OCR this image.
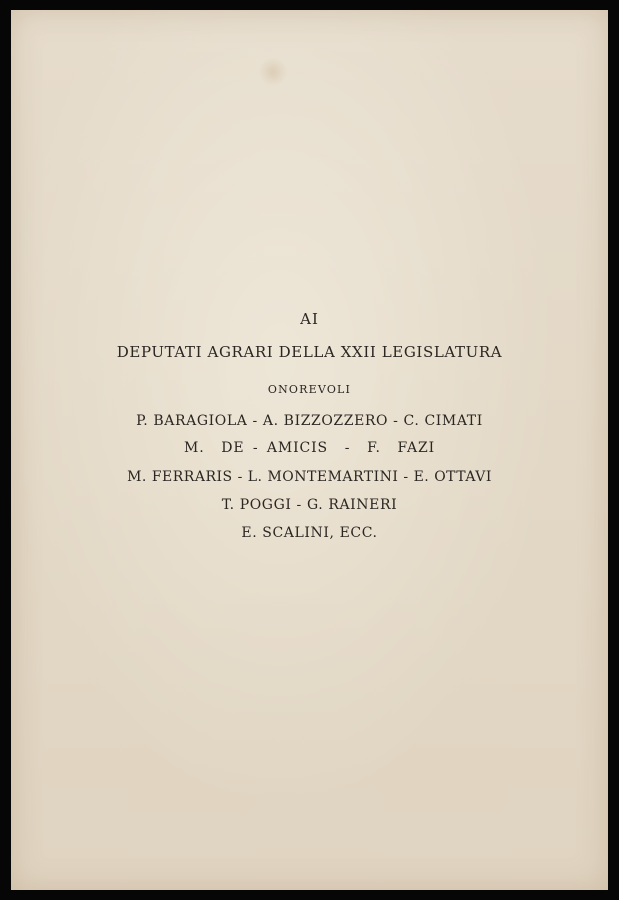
AI
DEPUTATI AGRARI DELLA XXII LEGISLATURA
ONOREVOLI
P. BARAGIOLA - A. BIZZOZZERO - C. CIMATI
M.  DE - AMICIS  -  F.  FAZI
M. FERRARIS - L. MONTEMARTINI - E. OTTAVI
T. POGGI - G. RAINERI
E. SCALINI, ECC.
